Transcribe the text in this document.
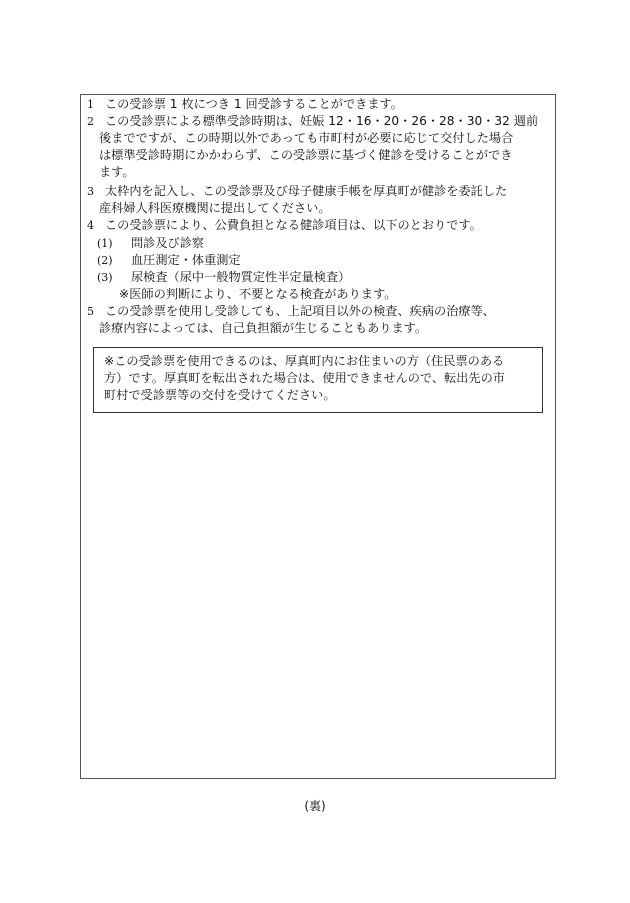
1 この受診票 1 枚につき 1 回受診することができます。
2 この受診票による標準受診時期は、妊娠 12・16・20・26・28・30・32 週前
後までですが、この時期以外であっても市町村が必要に応じて交付した場合
は標準受診時期にかかわらず、この受診票に基づく健診を受けることができ
ます。
3 太枠内を記入し、この受診票及び母子健康手帳を厚真町が健診を委託した
産科婦人科医療機関に提出してください。
4 この受診票により、公費負担となる健診項目は、以下のとおりです。
(1) 問診及び診察
(2) 血圧測定・体重測定
(3) 尿検査（尿中一般物質定性半定量検査）
※医師の判断により、不要となる検査があります。
5 この受診票を使用し受診しても、上記項目以外の検査、疾病の治療等、
診療内容によっては、自己負担額が生じることもあります。
※この受診票を使用できるのは、厚真町内にお住まいの方（住民票のある
方）です。厚真町を転出された場合は、使用できませんので、転出先の市
町村で受診票等の交付を受けてください。
(裏)
